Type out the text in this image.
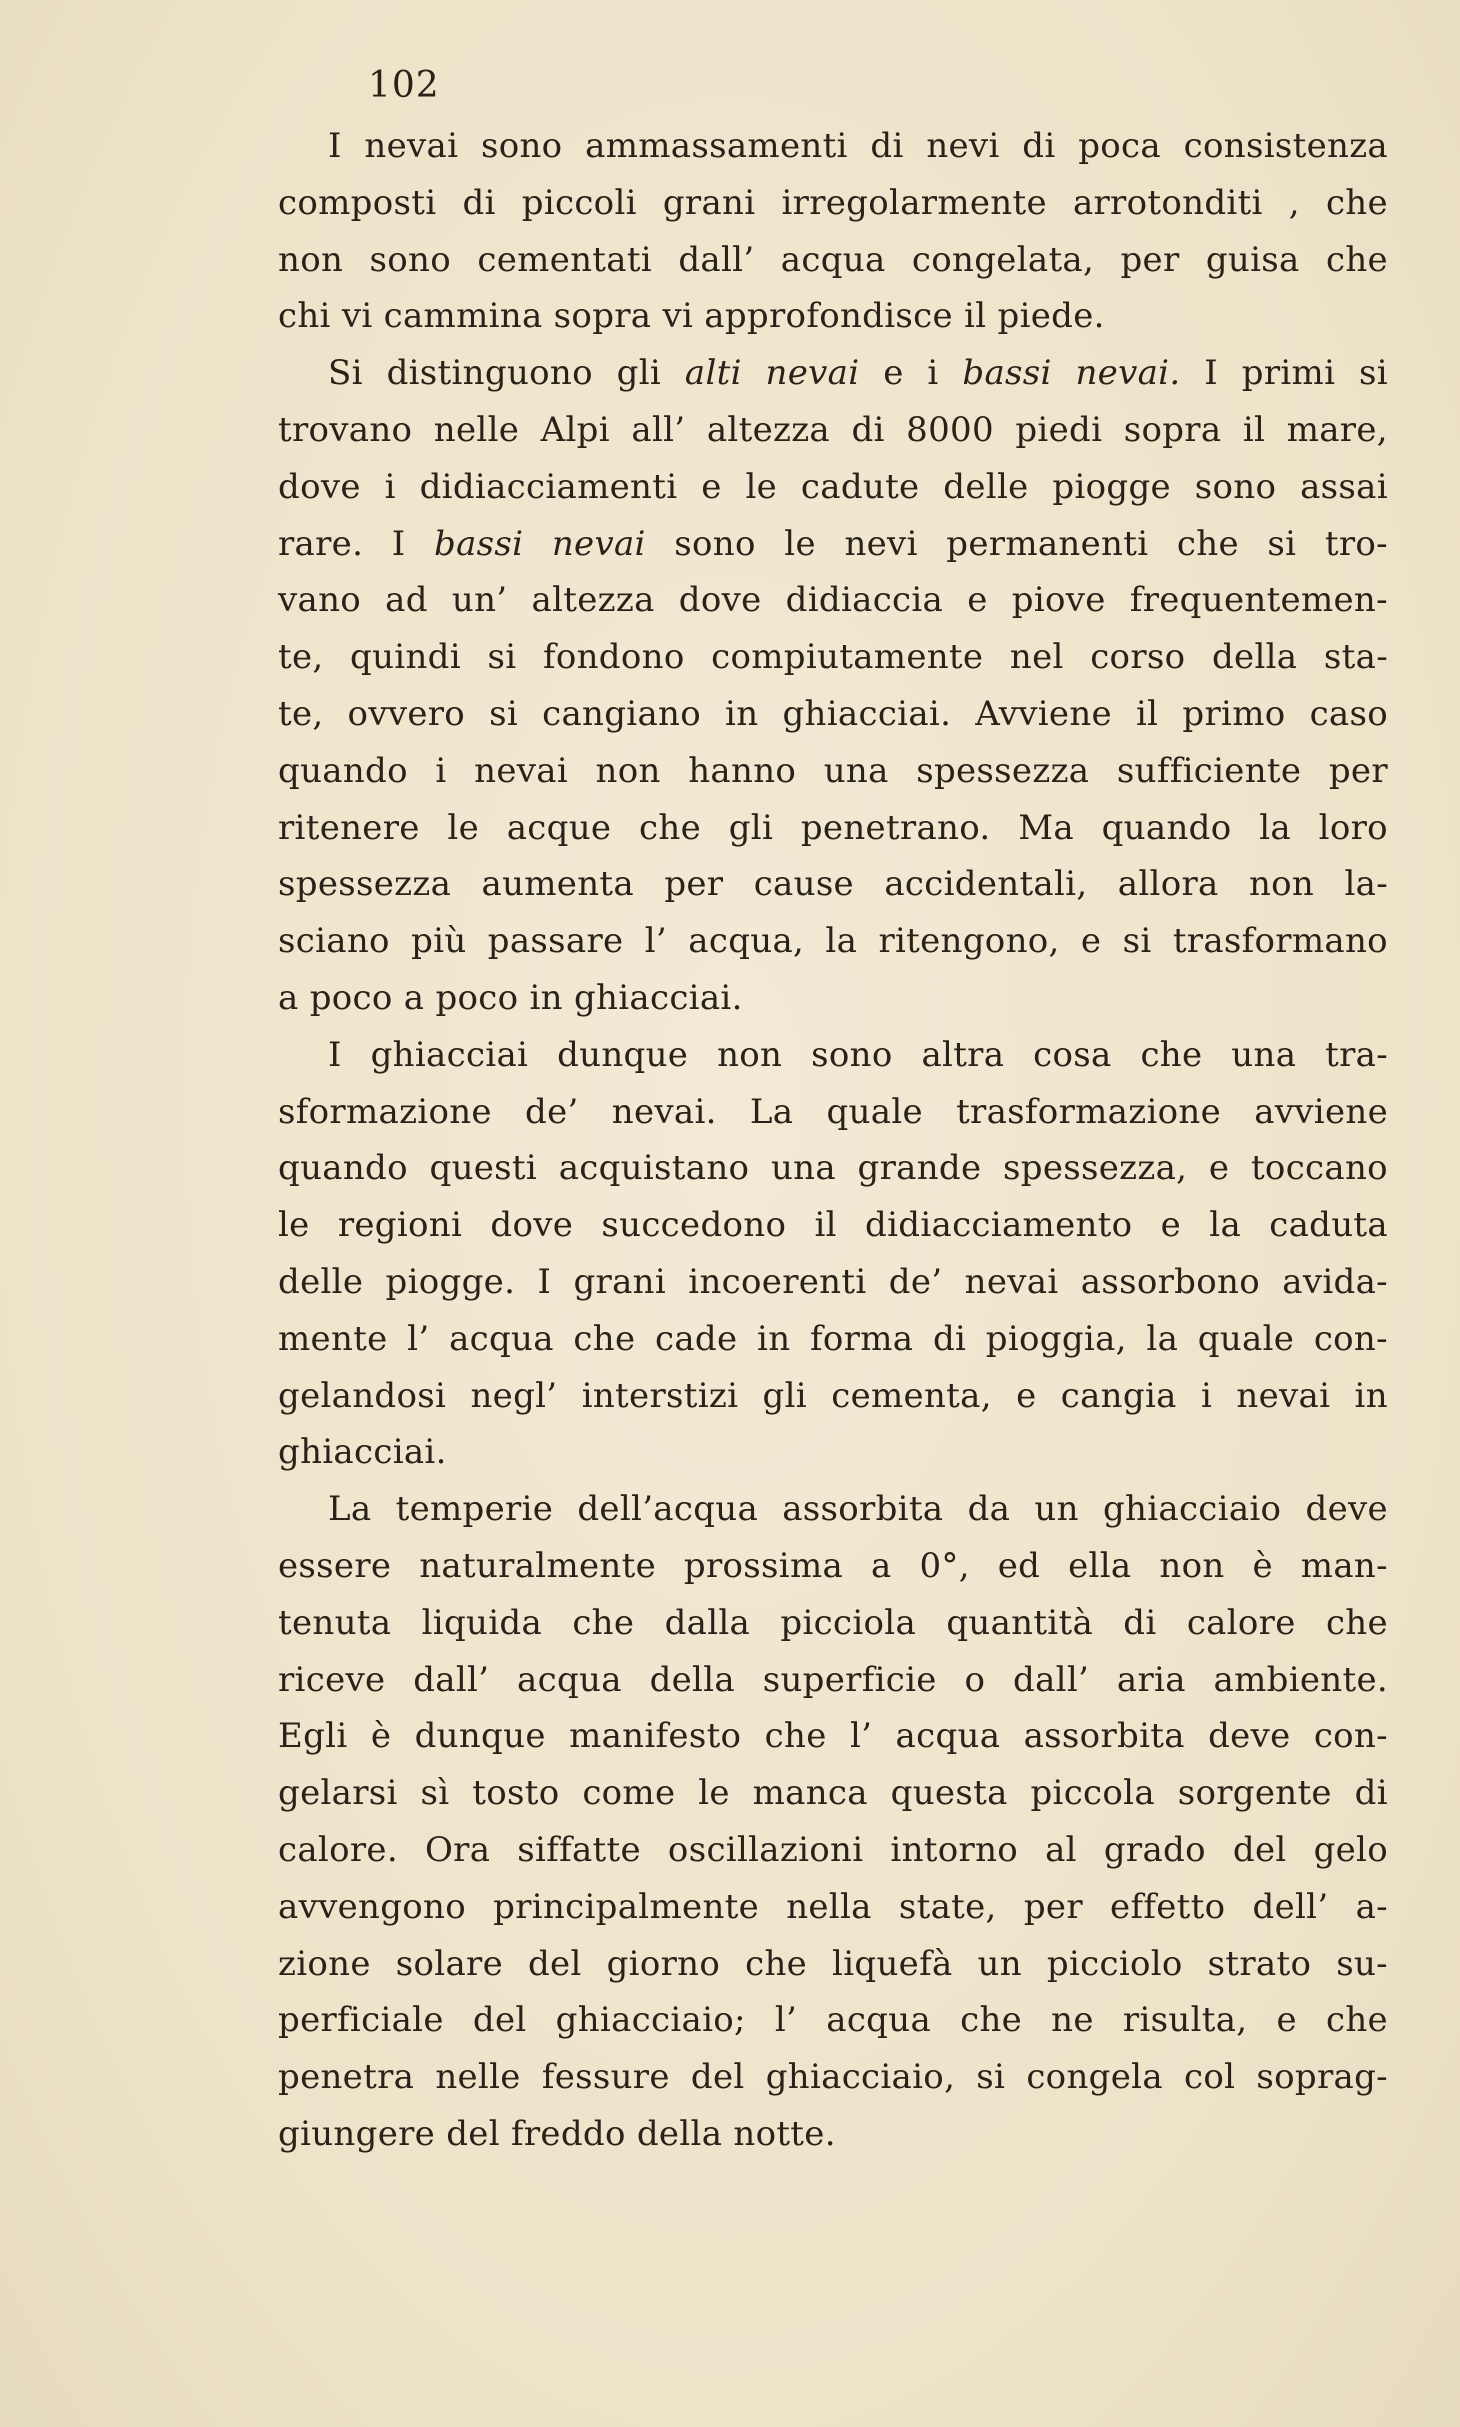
102
I nevai sono ammassamenti di nevi di poca consistenza
composti di piccoli grani irregolarmente arrotonditi , che
non sono cementati dall’ acqua congelata, per guisa che
chi vi cammina sopra vi approfondisce il piede.
Si distinguono gli alti nevai e i bassi nevai. I primi si
trovano nelle Alpi all’ altezza di 8000 piedi sopra il mare,
dove i didiacciamenti e le cadute delle piogge sono assai
rare. I bassi nevai sono le nevi permanenti che si tro-
vano ad un’ altezza dove didiaccia e piove frequentemen-
te, quindi si fondono compiutamente nel corso della sta-
te, ovvero si cangiano in ghiacciai. Avviene il primo caso
quando i nevai non hanno una spessezza sufficiente per
ritenere le acque che gli penetrano. Ma quando la loro
spessezza aumenta per cause accidentali, allora non la-
sciano più passare l’ acqua, la ritengono, e si trasformano
a poco a poco in ghiacciai.
I ghiacciai dunque non sono altra cosa che una tra-
sformazione de’ nevai. La quale trasformazione avviene
quando questi acquistano una grande spessezza, e toccano
le regioni dove succedono il didiacciamento e la caduta
delle piogge. I grani incoerenti de’ nevai assorbono avida-
mente l’ acqua che cade in forma di pioggia, la quale con-
gelandosi negl’ interstizi gli cementa, e cangia i nevai in
ghiacciai.
La temperie dell’acqua assorbita da un ghiacciaio deve
essere naturalmente prossima a 0°, ed ella non è man-
tenuta liquida che dalla picciola quantità di calore che
riceve dall’ acqua della superficie o dall’ aria ambiente.
Egli è dunque manifesto che l’ acqua assorbita deve con-
gelarsi sì tosto come le manca questa piccola sorgente di
calore. Ora siffatte oscillazioni intorno al grado del gelo
avvengono principalmente nella state, per effetto dell’ a-
zione solare del giorno che liquefà un picciolo strato su-
perficiale del ghiacciaio; l’ acqua che ne risulta, e che
penetra nelle fessure del ghiacciaio, si congela col soprag-
giungere del freddo della notte.
